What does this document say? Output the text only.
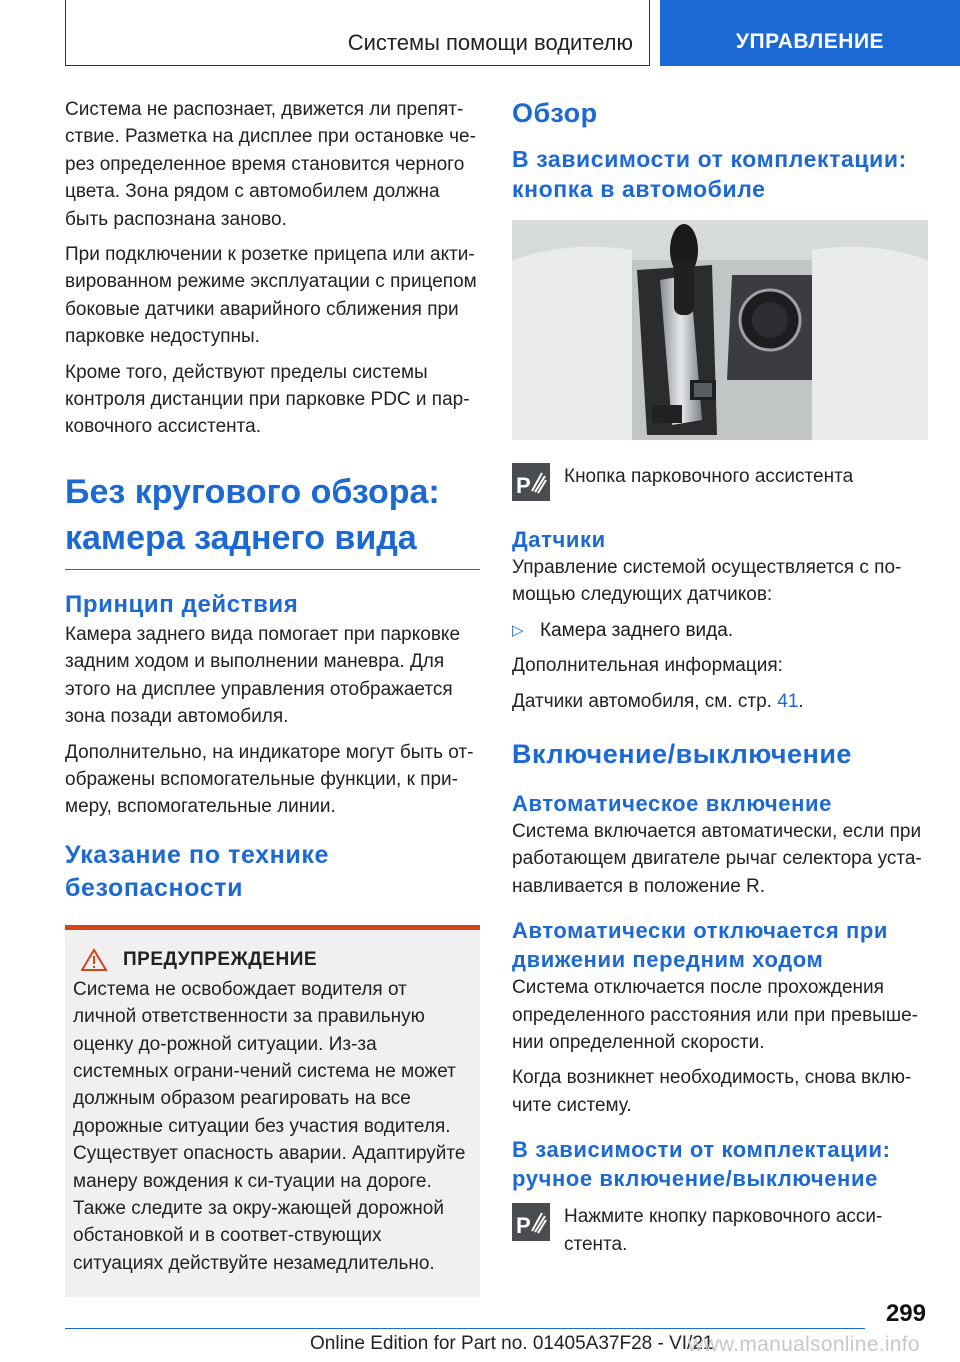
Системы помощи водителю	УПРАВЛЕНИЕ

Система не распознает, движется ли препят-ствие. Разметка на дисплее при остановке че-рез определенное время становится черного цвета. Зона рядом с автомобилем должна быть распознана заново.

При подключении к розетке прицепа или акти-вированном режиме эксплуатации с прицепом боковые датчики аварийного сближения при парковке недоступны.

Кроме того, действуют пределы системы контроля дистанции при парковке PDC и пар-ковочного ассистента.

Без кругового обзора: камера заднего вида
Принцип действия

Камера заднего вида помогает при парковке задним ходом и выполнении маневра. Для этого на дисплее управления отображается зона позади автомобиля.

Дополнительно, на индикаторе могут быть от-ображены вспомогательные функции, к при-меру, вспомогательные линии.

Указание по технике безопасности
ПРЕДУПРЕЖДЕНИЕ

Система не освобождает водителя от личной ответственности за правильную оценку до-рожной ситуации. Из-за системных ограни-чений система не может должным образом реагировать на все дорожные ситуации без участия водителя. Существует опасность аварии. Адаптируйте манеру вождения к си-туации на дороге. Также следите за окру-жающей дорожной обстановкой и в соответ-ствующих ситуациях действуйте незамедлительно.

Обзор
В зависимости от комплектации: кнопка в автомобиле
P Кнопка парковочного ассистента

Датчики

Управление системой осуществляется с по-мощью следующих датчиков:

▷ Камера заднего вида.

Дополнительная информация:

Датчики автомобиля, см. стр. 41.

Включение/выключение
Автоматическое включение

Система включается автоматически, если при работающем двигателе рычаг селектора уста-навливается в положение R.

Автоматически отключается при движении передним ходом

Система отключается после прохождения определенного расстояния или при превыше-нии определенной скорости.

Когда возникнет необходимость, снова вклю-чите систему.

В зависимости от комплектации: ручное включение/выключение
P Нажмите кнопку парковочного асси-стента.

299
Online Edition for Part no. 01405A37F28 - VI/21
www.manualsonline.info
